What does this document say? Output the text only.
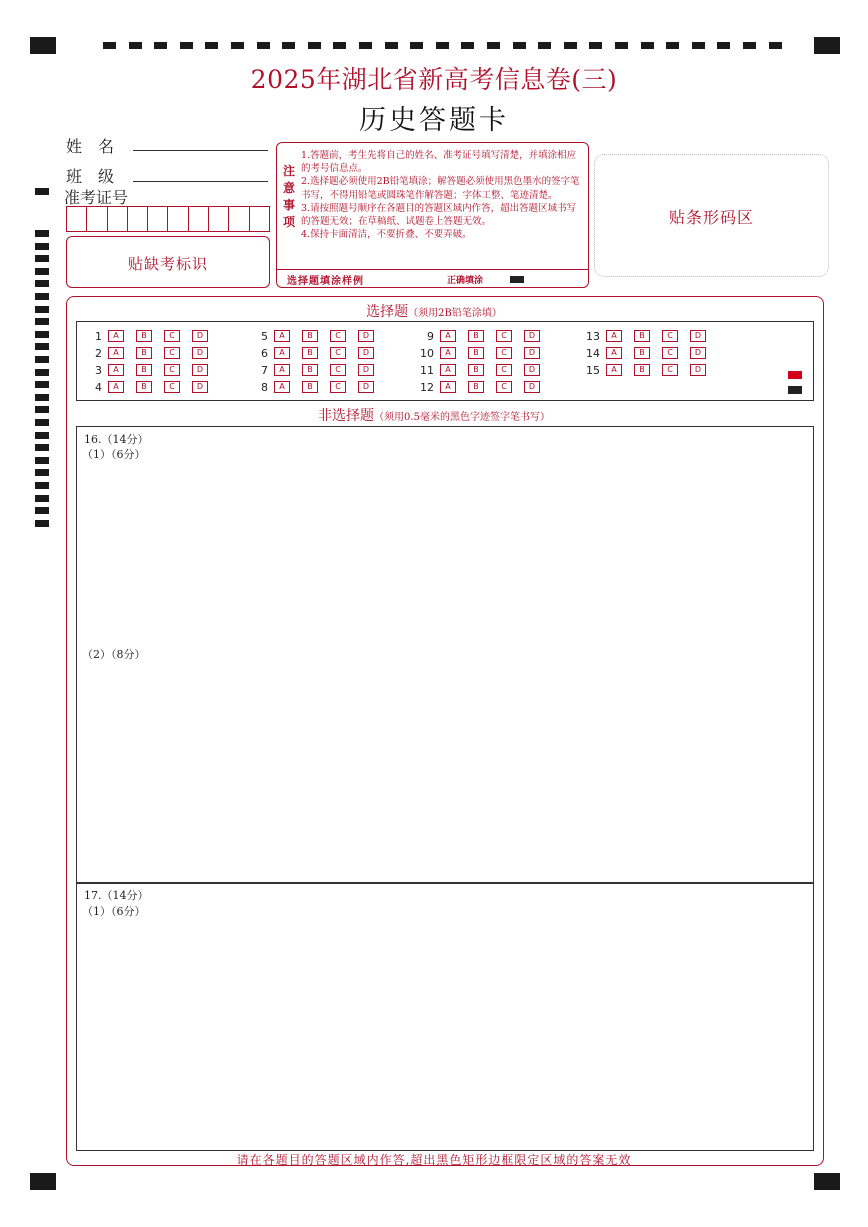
2025年湖北省新高考信息卷(三)
历史答题卡
姓　名
班　级
准考证号
贴缺考标识
注
意
事
项

1.答题前，考生先将自己的姓名、准考证号填写清楚，并填涂相应的考号信息点。

2.选择题必须使用2B铅笔填涂；解答题必须使用黑色墨水的签字笔书写，不得用铅笔或圆珠笔作解答题；字体工整、笔迹清楚。

3.请按照题号顺序在各题目的答题区域内作答，超出答题区域书写的答题无效；在草稿纸、试题卷上答题无效。

4.保持卡面清洁，不要折叠、不要弄破。

选择题填涂样例	正确填涂
贴条形码区
选择题（须用2B铅笔涂填）
1	A	B	C	D
2	A	B	C	D
3	A	B	C	D
4	A	B	C	D
5	A	B	C	D
6	A	B	C	D
7	A	B	C	D
8	A	B	C	D
9	A	B	C	D
10	A	B	C	D
11	A	B	C	D
12	A	B	C	D
13	A	B	C	D
14	A	B	C	D
15	A	B	C	D
非选择题（须用0.5毫米的黑色字迹签字笔书写）
16.（14分）
（1）（6分）
（2）（8分）
17.（14分）
（1）（6分）
请在各题目的答题区域内作答,超出黑色矩形边框限定区域的答案无效
